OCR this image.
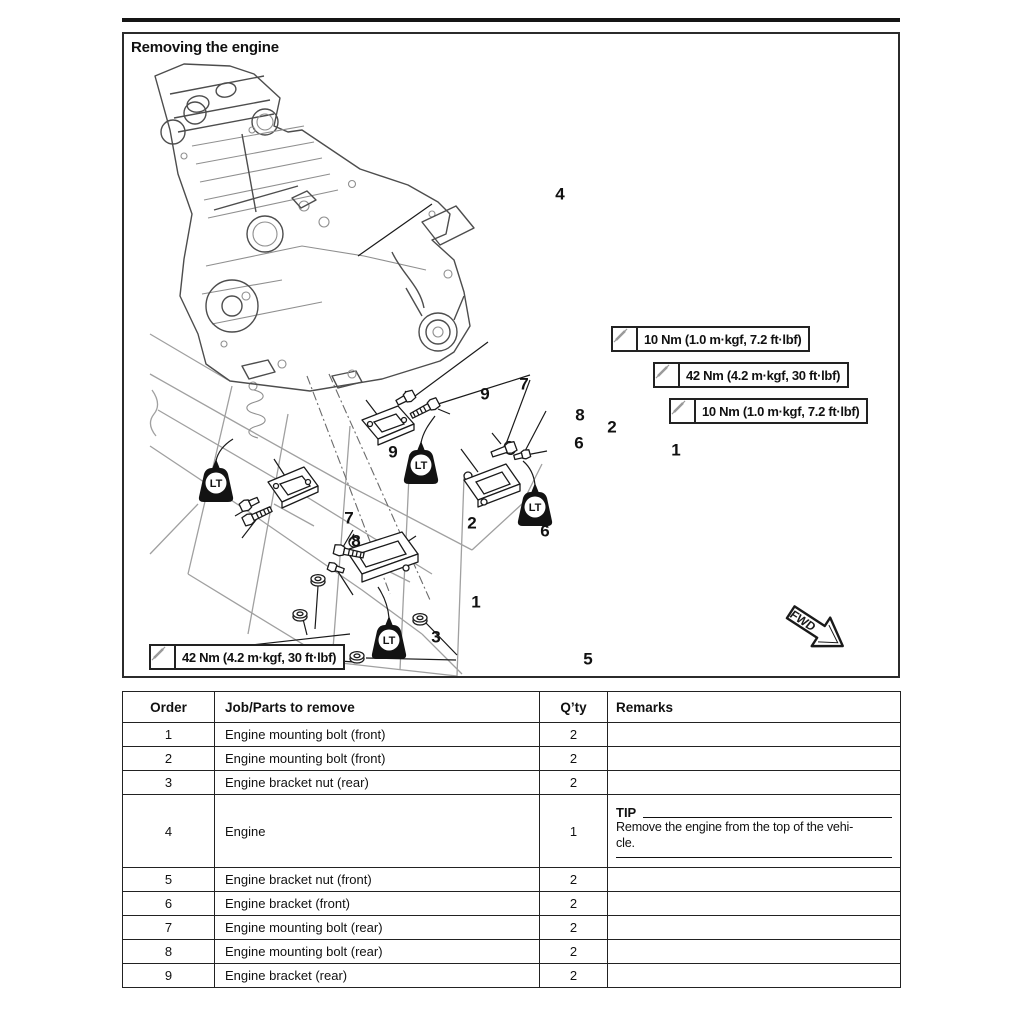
LT
LT
LT
LT
FWD
Removing the engine
10 Nm (1.0 m·kgf, 7.2 ft·lbf)
42 Nm (4.2 m·kgf, 30 ft·lbf)
10 Nm (1.0 m·kgf, 7.2 ft·lbf)
42 Nm (4.2 m·kgf, 30 ft·lbf)
4
7
9
8
2
6	1
9
7
8
2	6
1
3
5
Order	Job/Parts to remove	Q’ty	Remarks
1	Engine mounting bolt (front)	2	
2	Engine mounting bolt (front)	2	
3	Engine bracket nut (rear)	2	
4	Engine	1	TIP
Remove the engine from the top of the vehi-
cle.

5	Engine bracket nut (front)	2	
6	Engine bracket (front)	2	
7	Engine mounting bolt (rear)	2	
8	Engine mounting bolt (rear)	2	
9	Engine bracket (rear)	2	
